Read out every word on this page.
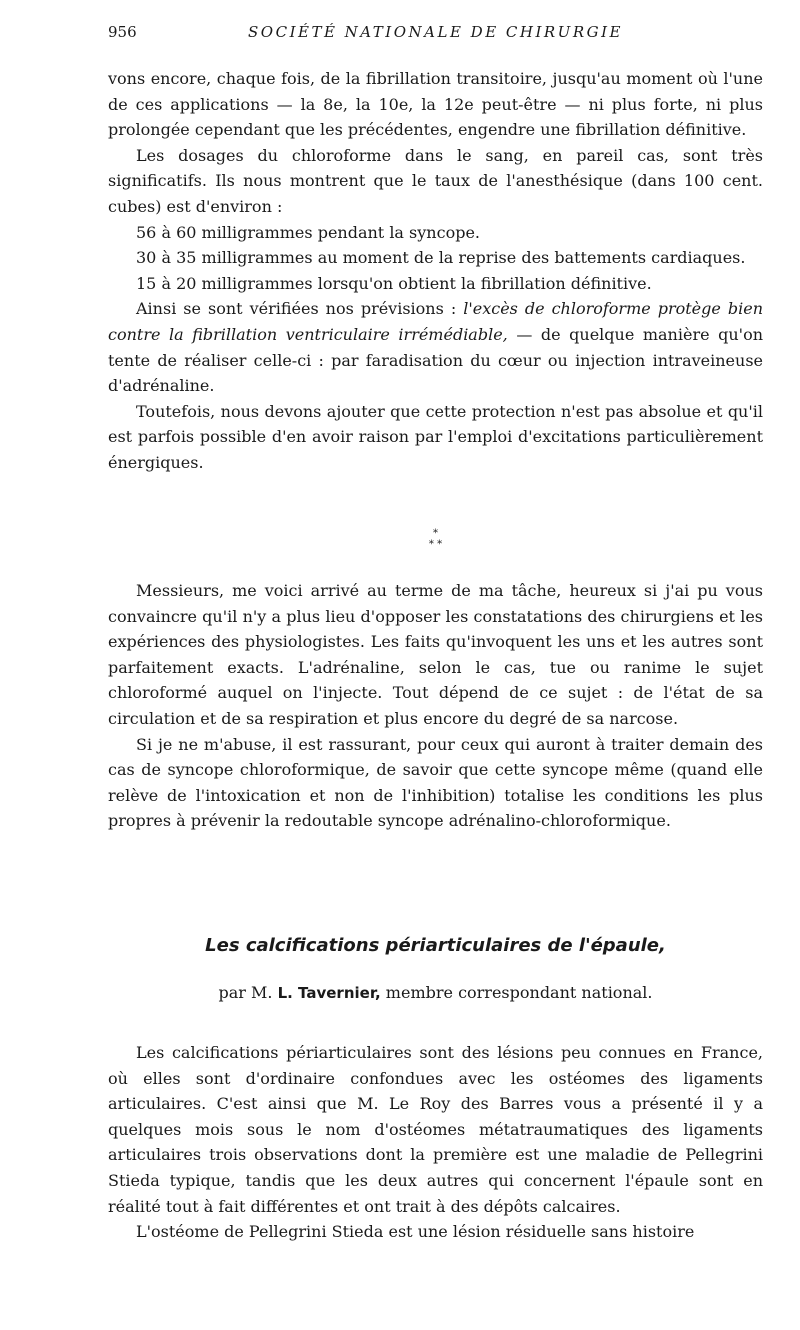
956	SOCIÉTÉ NATIONALE DE CHIRURGIE

vons encore, chaque fois, de la fibrillation transitoire, jusqu'au moment où l'une de ces applications — la 8e, la 10e, la 12e peut-être — ni plus forte, ni plus prolongée cependant que les précédentes, engendre une fibrillation définitive.

Les dosages du chloroforme dans le sang, en pareil cas, sont très significatifs. Ils nous montrent que le taux de l'anesthésique (dans 100 cent. cubes) est d'environ :

56 à 60 milligrammes pendant la syncope.

30 à 35 milligrammes au moment de la reprise des battements cardiaques.

15 à 20 milligrammes lorsqu'on obtient la fibrillation définitive.

Ainsi se sont vérifiées nos prévisions : l'excès de chloroforme protège bien contre la fibrillation ventriculaire irrémédiable, — de quelque manière qu'on tente de réaliser celle-ci : par faradisation du cœur ou injection intraveineuse d'adrénaline.

Toutefois, nous devons ajouter que cette protection n'est pas absolue et qu'il est parfois possible d'en avoir raison par l'emploi d'excitations particulièrement énergiques.

*
* *

Messieurs, me voici arrivé au terme de ma tâche, heureux si j'ai pu vous convaincre qu'il n'y a plus lieu d'opposer les constatations des chirurgiens et les expériences des physiologistes. Les faits qu'invoquent les uns et les autres sont parfaitement exacts. L'adrénaline, selon le cas, tue ou ranime le sujet chloroformé auquel on l'injecte. Tout dépend de ce sujet : de l'état de sa circulation et de sa respiration et plus encore du degré de sa narcose.

Si je ne m'abuse, il est rassurant, pour ceux qui auront à traiter demain des cas de syncope chloroformique, de savoir que cette syncope même (quand elle relève de l'intoxication et non de l'inhibition) totalise les conditions les plus propres à prévenir la redoutable syncope adrénalino-chloroformique.

Les calcifications périarticulaires de l'épaule,
par M. L. Tavernier, membre correspondant national.

Les calcifications périarticulaires sont des lésions peu connues en France, où elles sont d'ordinaire confondues avec les ostéomes des ligaments articulaires. C'est ainsi que M. Le Roy des Barres vous a présenté il y a quelques mois sous le nom d'ostéomes métatraumatiques des ligaments articulaires trois observations dont la première est une maladie de Pellegrini Stieda typique, tandis que les deux autres qui concernent l'épaule sont en réalité tout à fait différentes et ont trait à des dépôts calcaires.

L'ostéome de Pellegrini Stieda est une lésion résiduelle sans histoire
